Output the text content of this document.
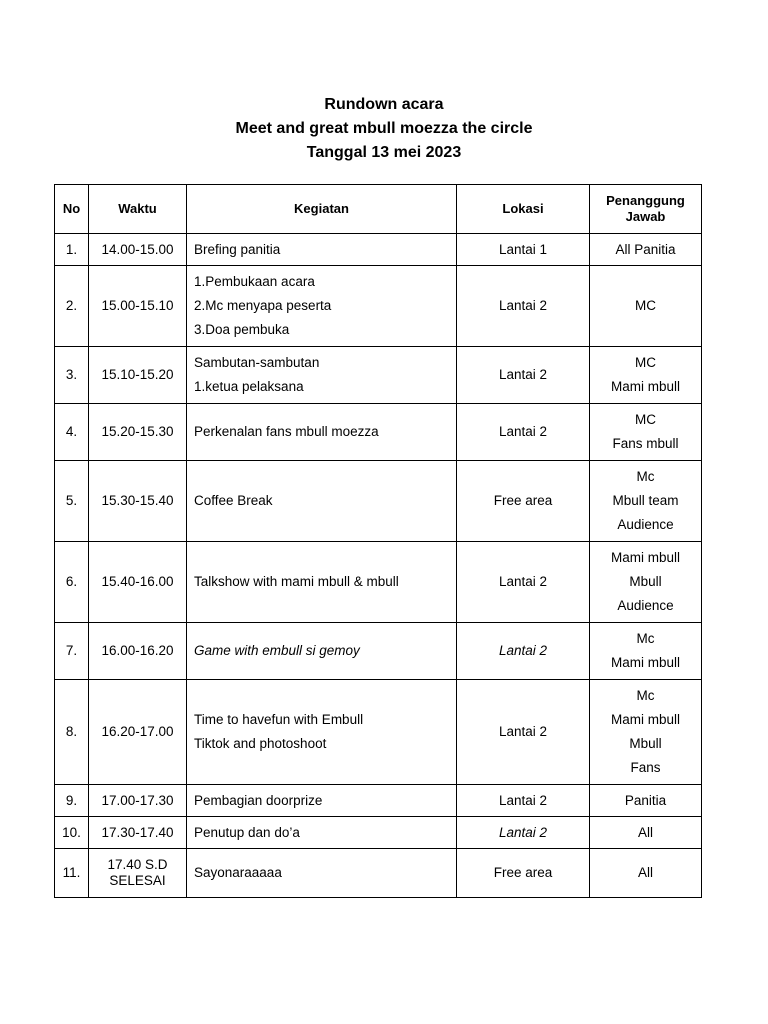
Rundown acara
Meet and great mbull moezza the circle
Tanggal 13 mei 2023
No	Waktu	Kegiatan	Lokasi	Penanggung Jawab

1.	14.00-15.00	Brefing panitia	Lantai 1	All Panitia

2.	15.00-15.10	1.Pembukaan acara
2.Mc menyapa peserta
3.Doa pembuka	Lantai 2	MC

3.	15.10-15.20	Sambutan-sambutan
1.ketua pelaksana	Lantai 2	MC
Mami mbull

4.	15.20-15.30	Perkenalan fans mbull moezza	Lantai 2	MC
Fans mbull

5.	15.30-15.40	Coffee Break	Free area	Mc
Mbull team
Audience

6.	15.40-16.00	Talkshow with mami mbull & mbull	Lantai 2	Mami mbull
Mbull
Audience

7.	16.00-16.20	Game with embull si gemoy	Lantai 2	Mc
Mami mbull

8.	16.20-17.00	Time to havefun with Embull
Tiktok and photoshoot	Lantai 2	Mc
Mami mbull
Mbull
Fans

9.	17.00-17.30	Pembagian doorprize	Lantai 2	Panitia

10.	17.30-17.40	Penutup dan do’a	Lantai 2	All

11.	17.40 S.D
SELESAI	Sayonaraaaaa	Free area	All
